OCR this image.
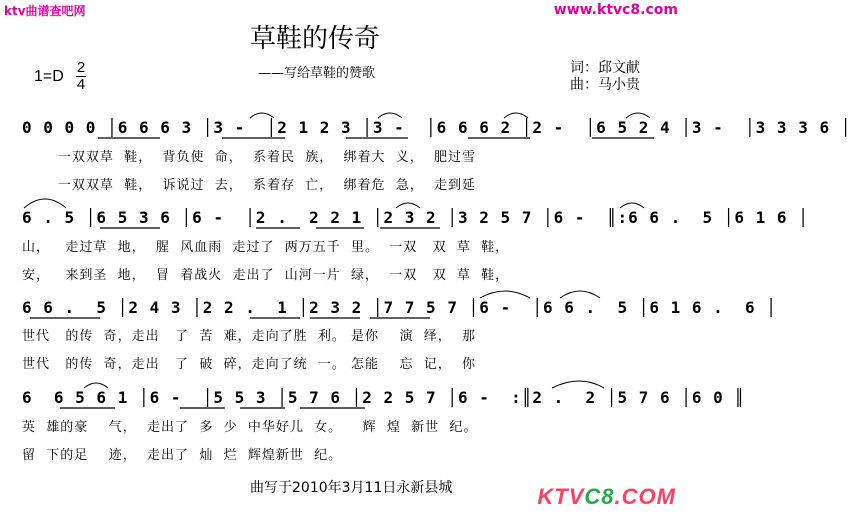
ktv曲谱查吧网	www.ktvc8.com
草鞋的传奇
——写给草鞋的赞歌
1=D
2
4
词：邱文献
曲：马小贵
0 0 0 0 │6 6 6 3 │3 -  │2 1 2 3 │3 -  │6 6 6 2 │2 -  │6 5 2 4 │3 -  │3 3 3 6 │
一双双草  鞋，  背负使  命，  系着民  族，  绑着大  义，  肥过雪
一双双草  鞋，  诉说过  去，  系着存  亡，  绑着危  急，  走到延
6 . 5 │6 5 3 6 │6 -  │2 .  2 2 1 │2 3 2 │3 2 5 7 │6 -  ║:6 6 .  5 │6 1 6 │
山，   走过草  地，  腥  风血雨  走过了  两万五千  里。  一双   双  草  鞋，
安，   来到圣  地，  冒  着战火  走出了  山河一片  绿，  一双   双  草  鞋，
6 6 .  5 │2 4 3 │2 2 .  1 │2 3 2 │7 7 5 7 │6 -  │6 6 .  5 │6 1 6 .  6 │
世代   的传  奇，走出   了  苦  难，走向了胜  利。 是你    演  绎，  那
世代   的传  奇，走出   了  破  碎，走向了统  一。 怎能    忘  记，  你
6  6 5 6 1 │6 -  │5 5 3 │5 7 6 │2 2 5 7 │6 -  :║2 .  2 │5 7 6 │6 0 ║
英  雄的豪    气，  走出了  多  少  中华好儿  女。    辉  煌  新世  纪。
留  下的足    迹，  走出了  灿  烂  辉煌新世  纪。
曲写于2010年3月11日永新县城	KTVC8.COM
